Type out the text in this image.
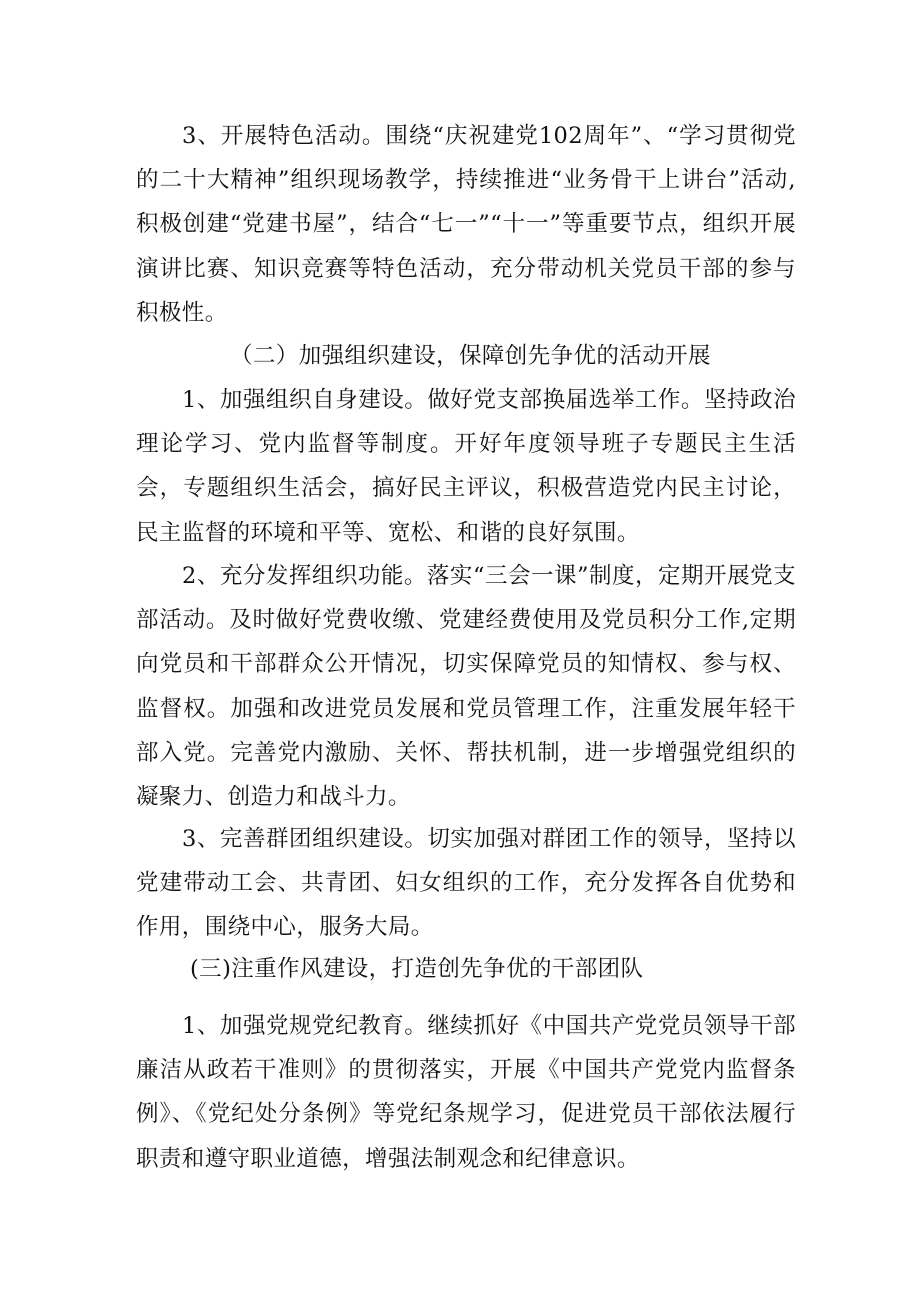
3、开展特色活动。围绕“庆祝建党102周年”、“学习贯彻党的二十大精神”组织现场教学，持续推进“业务骨干上讲台”活动,积极创建“党建书屋”，结合“七一”“十一”等重要节点，组织开展演讲比赛、知识竞赛等特色活动，充分带动机关党员干部的参与积极性。

（二）加强组织建设，保障创先争优的活动开展

1、加强组织自身建设。做好党支部换届选举工作。坚持政治理论学习、党内监督等制度。开好年度领导班子专题民主生活会，专题组织生活会，搞好民主评议，积极营造党内民主讨论，民主监督的环境和平等、宽松、和谐的良好氛围。

2、充分发挥组织功能。落实“三会一课”制度，定期开展党支部活动。及时做好党费收缴、党建经费使用及党员积分工作,定期向党员和干部群众公开情况，切实保障党员的知情权、参与权、监督权。加强和改进党员发展和党员管理工作，注重发展年轻干部入党。完善党内激励、关怀、帮扶机制，进一步增强党组织的凝聚力、创造力和战斗力。

3、完善群团组织建设。切实加强对群团工作的领导，坚持以党建带动工会、共青团、妇女组织的工作，充分发挥各自优势和作用，围绕中心，服务大局。

(三)注重作风建设，打造创先争优的干部团队

1、加强党规党纪教育。继续抓好《中国共产党党员领导干部廉洁从政若干准则》的贯彻落实，开展《中国共产党党内监督条例》、《党纪处分条例》等党纪条规学习，促进党员干部依法履行职责和遵守职业道德，增强法制观念和纪律意识。
